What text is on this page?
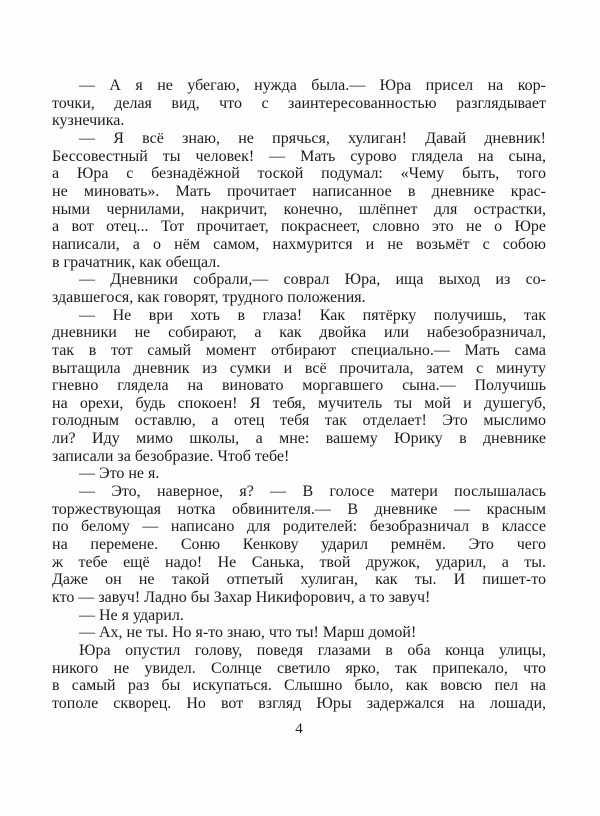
— А я не убегаю, нужда была.— Юра присел на кор-
точки, делая вид, что с заинтересованностью разглядывает
кузнечика.

— Я всё знаю, не прячься, хулиган! Давай дневник!
Бессовестный ты человек! — Мать сурово глядела на сына,
а Юра с безнадёжной тоской подумал: «Чему быть, того
не миновать». Мать прочитает написанное в дневнике крас-
ными чернилами, накричит, конечно, шлёпнет для острастки,
а вот отец... Тот прочитает, покраснеет, словно это не о Юре
написали, а о нём самом, нахмурится и не возьмёт с собою
в грачатник, как обещал.

— Дневники собрали,— соврал Юра, ища выход из со-
здавшегося, как говорят, трудного положения.

— Не ври хоть в глаза! Как пятёрку получишь, так
дневники не собирают, а как двойка или набезобразничал,
так в тот самый момент отбирают специально.— Мать сама
вытащила дневник из сумки и всё прочитала, затем с минуту
гневно глядела на виновато моргавшего сына.— Получишь
на орехи, будь спокоен! Я тебя, мучитель ты мой и душегуб,
голодным оставлю, а отец тебя так отделает! Это мыслимо
ли? Иду мимо школы, а мне: вашему Юрику в дневнике
записали за безобразие. Чтоб тебе!

— Это не я.

— Это, наверное, я? — В голосе матери послышалась
торжествующая нотка обвинителя.— В дневнике — красным
по белому — написано для родителей: безобразничал в классе
на перемене. Соню Кенкову ударил ремнём. Это чего
ж тебе ещё надо! Не Санька, твой дружок, ударил, а ты.
Даже он не такой отпетый хулиган, как ты. И пишет-то
кто — завуч! Ладно бы Захар Никифорович, а то завуч!

— Не я ударил.

— Ах, не ты. Но я-то знаю, что ты! Марш домой!

Юра опустил голову, поведя глазами в оба конца улицы,
никого не увидел. Солнце светило ярко, так припекало, что
в самый раз бы искупаться. Слышно было, как вовсю пел на
тополе скворец. Но вот взгляд Юры задержался на лошади,

4
